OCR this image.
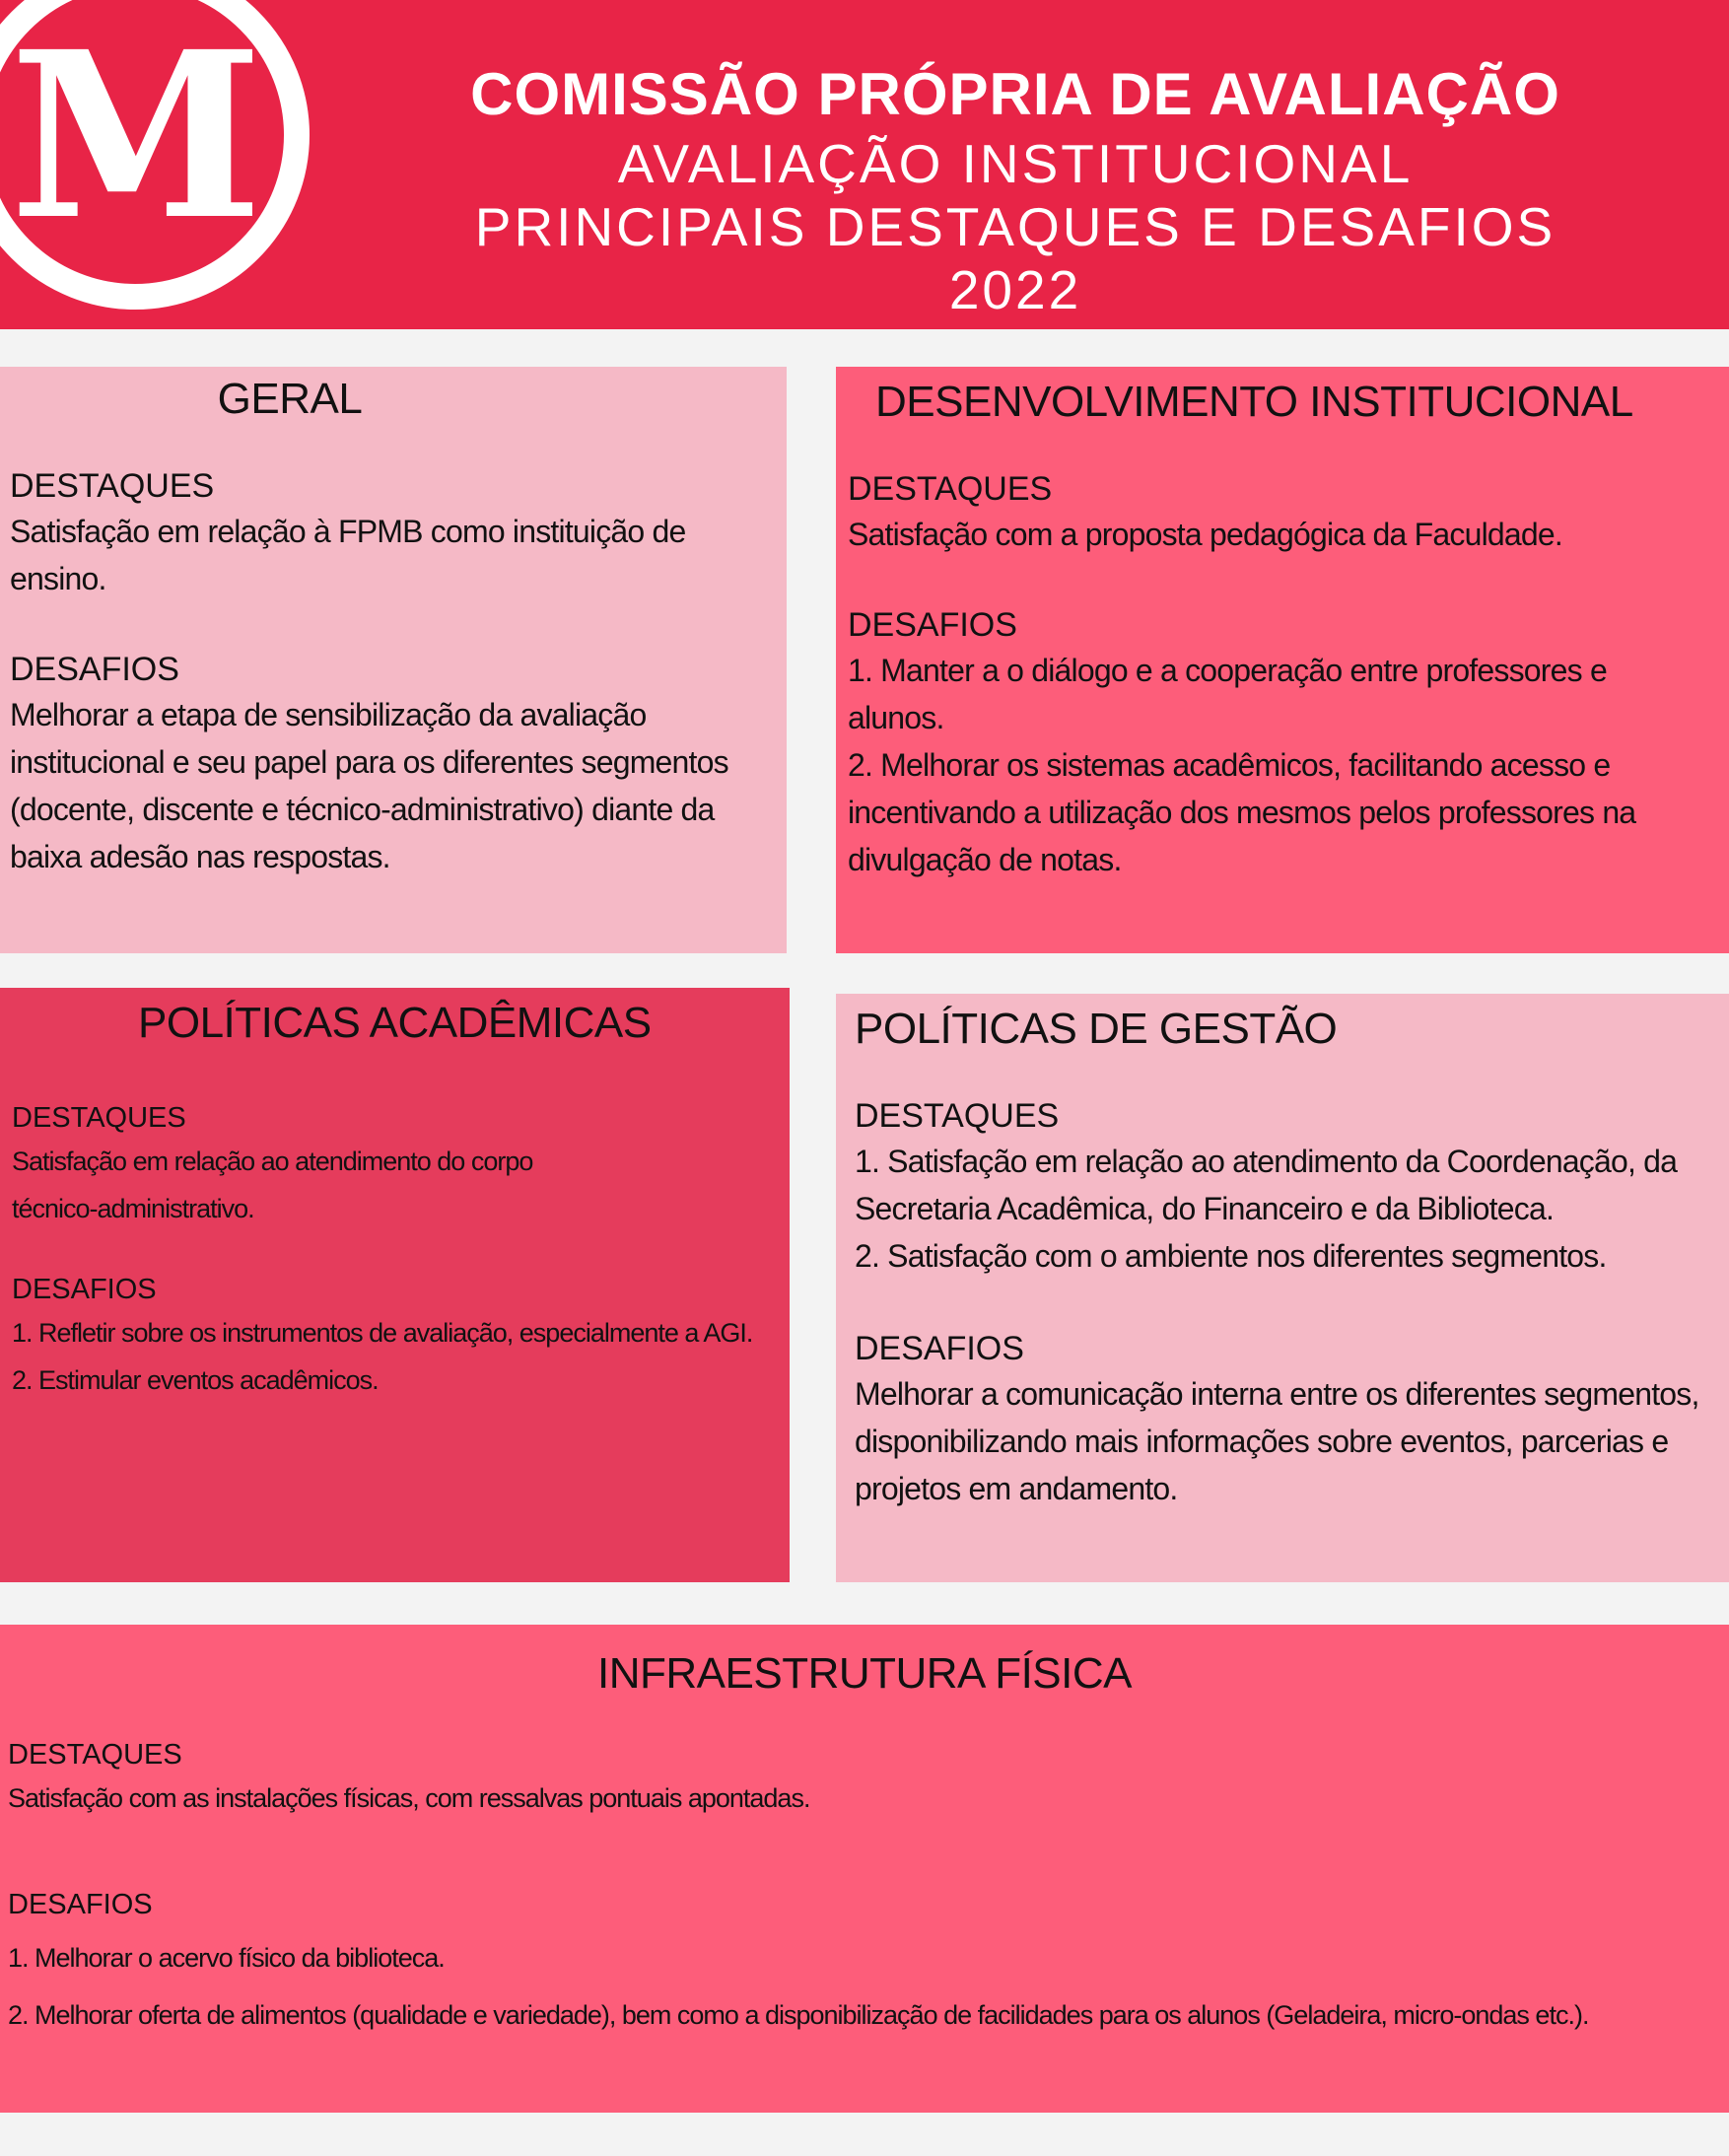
M	COMISSÃO PRÓPRIA DE AVALIAÇÃO
AVALIAÇÃO INSTITUCIONAL
PRINCIPAIS DESTAQUES E DESAFIOS
2022
GERAL

DESTAQUES

Satisfação em relação à FPMB como instituição de

ensino.

DESAFIOS

Melhorar a etapa de sensibilização da avaliação

institucional e seu papel para os diferentes segmentos

(docente, discente e técnico-administrativo) diante da

baixa adesão nas respostas.

DESENVOLVIMENTO INSTITUCIONAL

DESTAQUES

Satisfação com a proposta pedagógica da Faculdade.

DESAFIOS

1. Manter a o diálogo e a cooperação entre professores e

alunos.

2. Melhorar os sistemas acadêmicos, facilitando acesso e

incentivando a utilização dos mesmos pelos professores na

divulgação de notas.

POLÍTICAS ACADÊMICAS

DESTAQUES

Satisfação em relação ao atendimento do corpo

técnico-administrativo.

DESAFIOS

1. Refletir sobre os instrumentos de avaliação, especialmente a AGI.

2. Estimular eventos acadêmicos.

POLÍTICAS DE GESTÃO

DESTAQUES

1. Satisfação em relação ao atendimento da Coordenação, da

Secretaria Acadêmica, do Financeiro e da Biblioteca.

2. Satisfação com o ambiente nos diferentes segmentos.

DESAFIOS

Melhorar a comunicação interna entre os diferentes segmentos,

disponibilizando mais informações sobre eventos, parcerias e

projetos em andamento.

INFRAESTRUTURA FÍSICA

DESTAQUES

Satisfação com as instalações físicas, com ressalvas pontuais apontadas.

DESAFIOS

1. Melhorar o acervo físico da biblioteca.

2. Melhorar oferta de alimentos (qualidade e variedade), bem como a disponibilização de facilidades para os alunos (Geladeira, micro-ondas etc.).
